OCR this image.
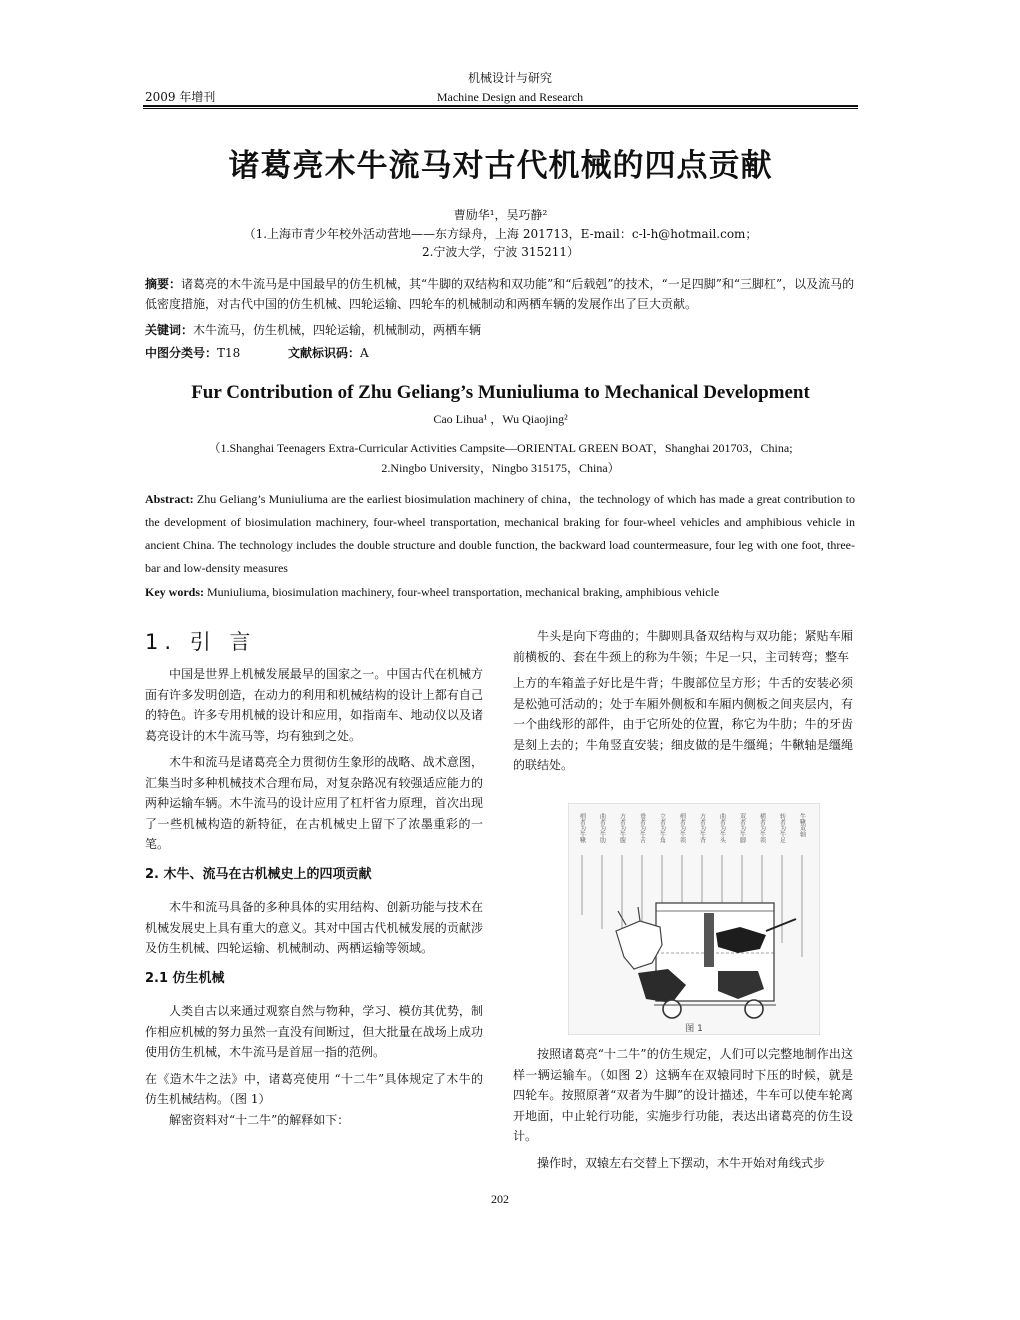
机械设计与研究
Machine Design and Research
2009 年增刊
诸葛亮木牛流马对古代机械的四点贡献
曹励华¹，吴巧静²
（1.上海市青少年校外活动营地——东方绿舟，上海 201713，E-mail：c-l-h@hotmail.com；
2.宁波大学，宁波 315211）
摘要：诸葛亮的木牛流马是中国最早的仿生机械，其“牛脚的双结构和双功能”和“后载剋”的技术，“一足四脚”和“三脚杠”，以及流马的低密度措施，对古代中国的仿生机械、四轮运输、四轮车的机械制动和两栖车辆的发展作出了巨大贡献。
关键词：木牛流马，仿生机械，四轮运输，机械制动，两栖车辆
中图分类号：T18	文献标识码：A
Fur Contribution of Zhu Geliang’s Muniuliuma to Mechanical Development
Cao Lihua¹ ，Wu Qiaojing²
（1.Shanghai Teenagers Extra-Curricular Activities Campsite—ORIENTAL GREEN BOAT，Shanghai 201703，China;
2.Ningbo University，Ningbo 315175，China）
Abstract: Zhu Geliang’s Muniuliuma are the earliest biosimulation machinery of china，the technology of which has made a great contribution to the development of biosimulation machinery, four-wheel transportation, mechanical braking for four-wheel vehicles and amphibious vehicle in ancient China. The technology includes the double structure and double function, the backward load countermeasure, four leg with one foot, three-bar and low-density measures
Key words: Muniuliuma, biosimulation machinery, four-wheel transportation, mechanical braking, amphibious vehicle
1. 引 言

中国是世界上机械发展最早的国家之一。中国古代在机械方面有许多发明创造，在动力的利用和机械结构的设计上都有自己的特色。许多专用机械的设计和应用，如指南车、地动仪以及诸葛亮设计的木牛流马等，均有独到之处。

木牛和流马是诸葛亮全力贯彻仿生象形的战略、战术意图，汇集当时多种机械技术合理布局，对复杂路况有较强适应能力的两种运输车辆。木牛流马的设计应用了杠杆省力原理，首次出现了一些机械构造的新特征，在古机械史上留下了浓墨重彩的一笔。

2. 木牛、流马在古机械史上的四项贡献

木牛和流马具备的多种具体的实用结构、创新功能与技术在机械发展史上具有重大的意义。其对中国古代机械发展的贡献涉及仿生机械、四轮运输、机械制动、两栖运输等领域。

2.1 仿生机械

人类自古以来通过观察自然与物种，学习、模仿其优势，制作相应机械的努力虽然一直没有间断过，但大批量在战场上成功使用仿生机械，木牛流马是首屈一指的范例。

在《造木牛之法》中，诸葛亮使用 “十二牛”具体规定了木牛的仿生机械结构。（图 1）

解密资料对“十二牛”的解释如下：

牛头是向下弯曲的；牛脚则具备双结构与双功能；紧贴车厢前横板的、套在牛颈上的称为牛领；牛足一只，主司转弯；整车

上方的车箱盖子好比是牛背；牛腹部位呈方形；牛舌的安装必须是松弛可活动的；处于车厢外侧板和车厢内侧板之间夹层内，有一个曲线形的部件，由于它所处的位置，称它为牛肋；牛的牙齿是刻上去的；牛角竖直安装；细皮做的是牛缰绳；牛鞦轴是缰绳的联结处。

细者为牛鞦 曲者为牛肋 方者为牛腹 垂者为牛舌 立者为牛角 细者为牛领 方者为牛背 曲者为牛头 双者为牛脚 横者为牛领 转者为牛足 牛鞦双轴
图 1

按照诸葛亮“十二牛”的仿生规定，人们可以完整地制作出这样一辆运输车。（如图 2）这辆车在双辕同时下压的时候，就是四轮车。按照原著“双者为牛脚”的设计描述，牛车可以使车轮离开地面，中止轮行功能，实施步行功能，表达出诸葛亮的仿生设计。

操作时，双辕左右交替上下摆动，木牛开始对角线式步

202
